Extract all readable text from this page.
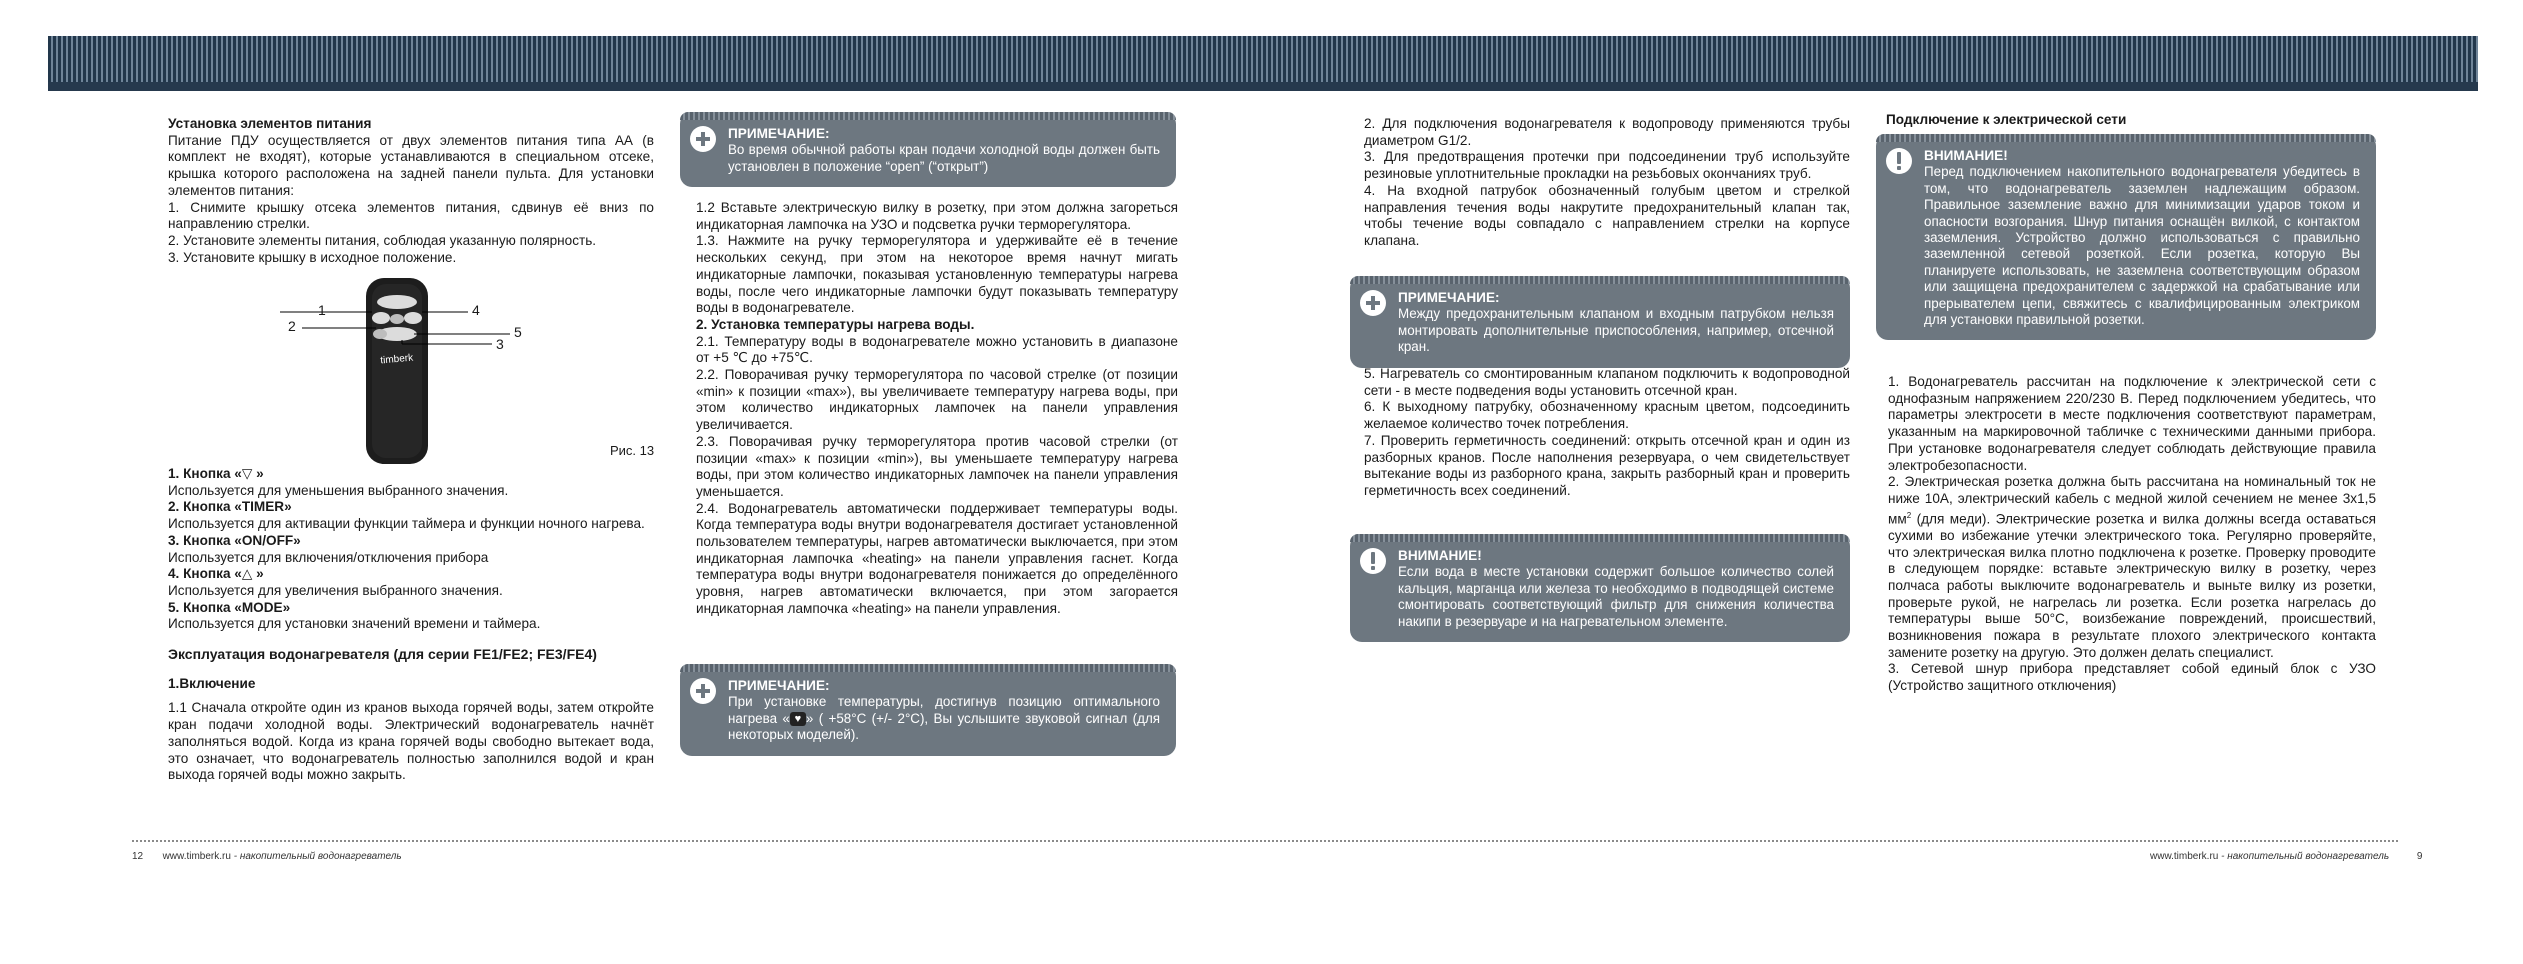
Установка элементов питания

Питание ПДУ осуществляется от двух элементов питания типа АА (в комплект не входят), которые устанавливаются в специальном отсеке, крышка которого расположена на задней панели пульта. Для установки элементов питания:

1. Снимите крышку отсека элементов питания, сдвинув её вниз по направлению стрелки.

2. Установите элементы питания, соблюдая указанную полярность.

3. Установите крышку в исходное положение.

timberk
1
2
3
4
5
Рис. 13
1. Кнопка «▽ »

Используется для уменьшения выбранного значения.

2. Кнопка «TIMER»

Используется для активации функции таймера и функции ночного нагрева.

3. Кнопка «ON/OFF»

Используется для включения/отключения прибора

4. Кнопка «△ »

Используется для увеличения выбранного значения.

5. Кнопка «MODE»

Используется для установки значений времени и таймера.

Эксплуатация водонагревателя (для серии FE1/FE2; FE3/FE4)
1.Включение

1.1 Сначала откройте один из кранов выхода горячей воды, затем откройте кран подачи холодной воды. Электрический водонагреватель начнёт заполняться водой. Когда из крана горячей воды свободно вытекает вода, это означает, что водонагреватель полностью заполнился водой и кран выхода горячей воды можно закрыть.

ПРИМЕЧАНИЕ:
Во время обычной работы кран подачи холодной воды должен быть установлен в положение “open” (“открыт”)

1.2 Вставьте электрическую вилку в розетку, при этом должна загореться индикаторная лампочка на УЗО и подсветка ручки терморегулятора.

1.3. Нажмите на ручку терморегулятора и удерживайте её в течение нескольких секунд, при этом на некоторое время начнут мигать индикаторные лампочки, показывая установленную температуры нагрева воды, после чего индикаторные лампочки будут показывать температуру воды в водонагревателе.

2. Установка температуры нагрева воды.

2.1. Температуру воды в водонагревателе можно установить в диапазоне от +5 ℃ до +75℃.

2.2. Поворачивая ручку терморегулятора по часовой стрелке (от позиции «min» к позиции «max»), вы увеличиваете температуру нагрева воды, при этом количество индикаторных лампочек на панели управления увеличивается.

2.3. Поворачивая ручку терморегулятора против часовой стрелки (от позиции «max» к позиции «min»), вы уменьшаете температуру нагрева воды, при этом количество индикаторных лампочек на панели управления уменьшается.

2.4. Водонагреватель автоматически поддерживает температуры воды. Когда температура воды внутри водонагревателя достигает установленной пользователем температуры, нагрев автоматически выключается, при этом индикаторная лампочка «heating» на панели управления гаснет. Когда температура воды внутри водонагревателя понижается до определённого уровня, нагрев автоматически включается, при этом загорается индикаторная лампочка «heating» на панели управления.

ПРИМЕЧАНИЕ:
При установке температуры, достигнув позицию оптимального нагрева « ♥ » ( +58°C (+/- 2°C), Вы услышите звуковой сигнал (для некоторых моделей).

2. Для подключения водонагревателя к водопроводу применяются трубы диаметром G1/2.

3. Для предотвращения протечки при подсоединении труб используйте резиновые уплотнительные прокладки на резьбовых окончаниях труб.

4. На входной патрубок обозначенный голубым цветом и стрелкой направления течения воды накрутите предохранительный клапан так, чтобы течение воды совпадало с направлением стрелки на корпусе клапана.

ПРИМЕЧАНИЕ:
Между предохранительным клапаном и входным патрубком нельзя монтировать дополнительные приспособления, например, отсечной кран.

5. Нагреватель со смонтированным клапаном подключить к водопроводной сети - в месте подведения воды установить отсечной кран.

6. К выходному патрубку, обозначенному красным цветом, подсоединить желаемое количество точек потребления.

7. Проверить герметичность соединений: открыть отсечной кран и один из разборных кранов. После наполнения резервуара, о чем свидетельствует вытекание воды из разборного крана, закрыть разборный кран и проверить герметичность всех соединений.

ВНИМАНИЕ!
Если вода в месте установки содержит большое количество солей кальция, марганца или железа то необходимо в подводящей системе смонтировать соответствующий фильтр для снижения количества накипи в резервуаре и на нагревательном элементе.
Подключение к электрической сети
ВНИМАНИЕ!
Перед подключением накопительного водонагревателя убедитесь в том, что водонагреватель заземлен надлежащим образом. Правильное заземление важно для минимизации ударов током и опасности возгорания. Шнур питания оснащён вилкой, с контактом заземления. Устройство должно использоваться с правильно заземленной сетевой розеткой. Если розетка, которую Вы планируете использовать, не заземлена соответствующим образом или защищена предохранителем с задержкой на срабатывание или прерывателем цепи, свяжитесь с квалифицированным электриком для установки правильной розетки.

1. Водонагреватель рассчитан на подключение к электрической сети с однофазным напряжением 220/230 В. Перед подключением убедитесь, что параметры электросети в месте подключения соответствуют параметрам, указанным на маркировочной табличке с техническими данными прибора. При установке водонагревателя следует соблюдать действующие правила электробезопасности.

2. Электрическая розетка должна быть рассчитана на номинальный ток не ниже 10А, электрический кабель с медной жилой сечением не менее 3х1,5 $мм^2$ (для меди). Электрические розетка и вилка должны всегда оставаться сухими во избежание утечки электрического тока. Регулярно проверяйте, что электрическая вилка плотно подключена к розетке. Проверку проводите в следующем порядке: вставьте электрическую вилку в розетку, через полчаса работы выключите водонагреватель и выньте вилку из розетки, проверьте рукой, не нагрелась ли розетка. Если розетка нагрелась до температуры выше 50°С, воизбежание повреждений, происшествий, возникновения пожара в результате плохого электрического контакта замените розетку на другую. Это должен делать специалист.

3. Сетевой шнур прибора представляет собой единый блок с УЗО (Устройство защитного отключения)

12 www.timberk.ru - накопительный водонагреватель	www.timberk.ru - накопительный водонагреватель	9
